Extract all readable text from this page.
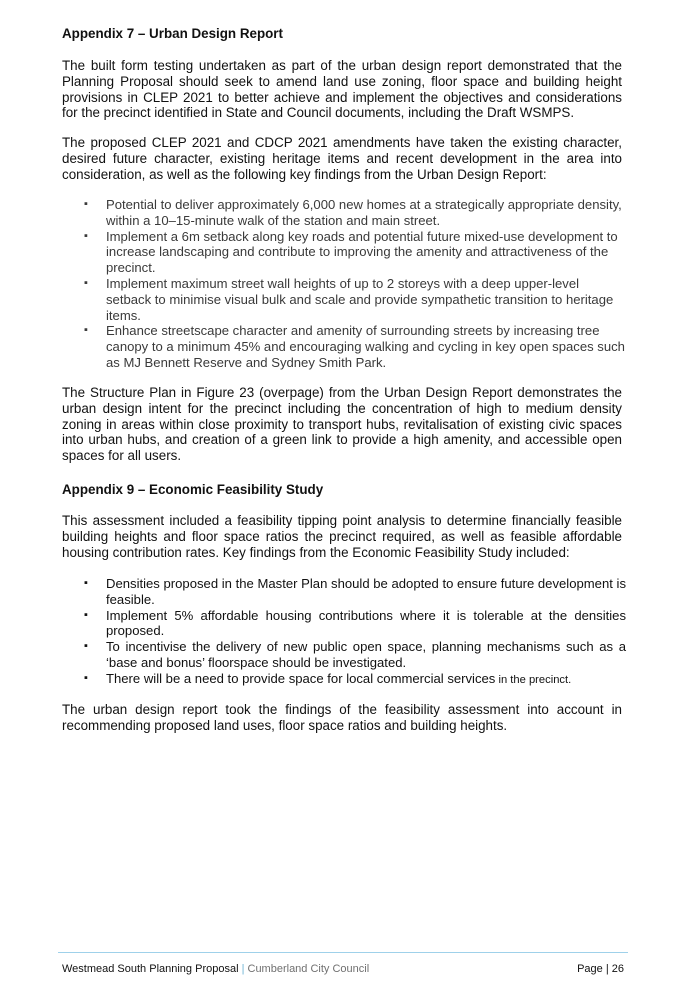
Appendix 7 – Urban Design Report

The built form testing undertaken as part of the urban design report demonstrated that the Planning Proposal should seek to amend land use zoning, floor space and building height provisions in CLEP 2021 to better achieve and implement the objectives and considerations for the precinct identified in State and Council documents, including the Draft WSMPS.

The proposed CLEP 2021 and CDCP 2021 amendments have taken the existing character, desired future character, existing heritage items and recent development in the area into consideration, as well as the following key findings from the Urban Design Report:

▪ Potential to deliver approximately 6,000 new homes at a strategically appropriate density, within a 10–15-minute walk of the station and main street.
▪ Implement a 6m setback along key roads and potential future mixed-use development to increase landscaping and contribute to improving the amenity and attractiveness of the precinct.
▪ Implement maximum street wall heights of up to 2 storeys with a deep upper-level setback to minimise visual bulk and scale and provide sympathetic transition to heritage items.
▪ Enhance streetscape character and amenity of surrounding streets by increasing tree canopy to a minimum 45% and encouraging walking and cycling in key open spaces such as MJ Bennett Reserve and Sydney Smith Park.

The Structure Plan in Figure 23 (overpage) from the Urban Design Report demonstrates the urban design intent for the precinct including the concentration of high to medium density zoning in areas within close proximity to transport hubs, revitalisation of existing civic spaces into urban hubs, and creation of a green link to provide a high amenity, and accessible open spaces for all users.

Appendix 9 – Economic Feasibility Study

This assessment included a feasibility tipping point analysis to determine financially feasible building heights and floor space ratios the precinct required, as well as feasible affordable housing contribution rates. Key findings from the Economic Feasibility Study included:

▪ Densities proposed in the Master Plan should be adopted to ensure future development is feasible.
▪ Implement 5% affordable housing contributions where it is tolerable at the densities proposed.
▪ To incentivise the delivery of new public open space, planning mechanisms such as a ‘base and bonus’ floorspace should be investigated.
▪ There will be a need to provide space for local commercial services in the precinct.

The urban design report took the findings of the feasibility assessment into account in recommending proposed land uses, floor space ratios and building heights.

Westmead South Planning Proposal | Cumberland City Council	Page | 26
